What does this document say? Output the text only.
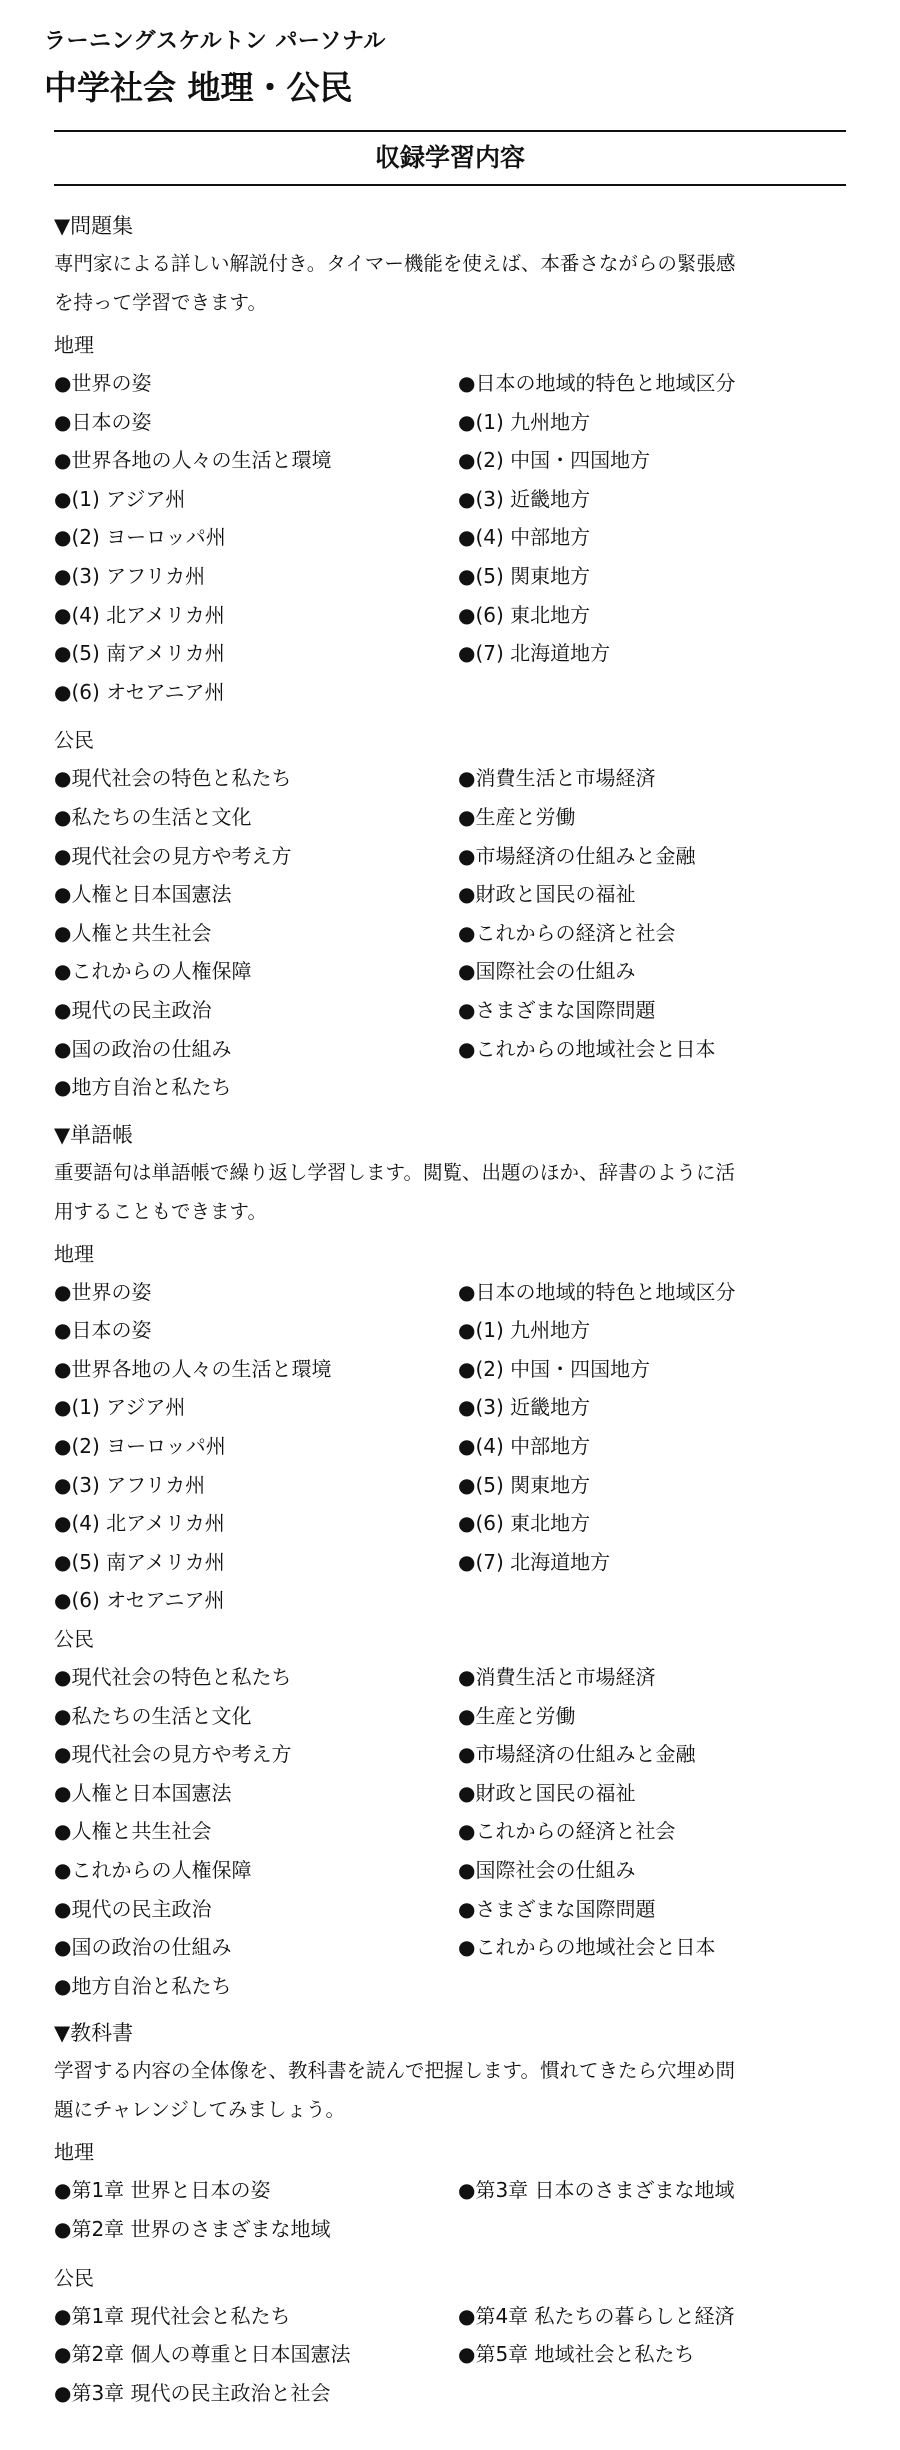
ラーニングスケルトン パーソナル
中学社会 地理・公民
収録学習内容
▼問題集
専門家による詳しい解説付き。タイマー機能を使えば、本番さながらの緊張感
を持って学習できます。
地理
●世界の姿
●日本の姿
●世界各地の人々の生活と環境
●(1) アジア州
●(2) ヨーロッパ州
●(3) アフリカ州
●(4) 北アメリカ州
●(5) 南アメリカ州
●(6) オセアニア州
●日本の地域的特色と地域区分
●(1) 九州地方
●(2) 中国・四国地方
●(3) 近畿地方
●(4) 中部地方
●(5) 関東地方
●(6) 東北地方
●(7) 北海道地方
公民
●現代社会の特色と私たち
●私たちの生活と文化
●現代社会の見方や考え方
●人権と日本国憲法
●人権と共生社会
●これからの人権保障
●現代の民主政治
●国の政治の仕組み
●地方自治と私たち
●消費生活と市場経済
●生産と労働
●市場経済の仕組みと金融
●財政と国民の福祉
●これからの経済と社会
●国際社会の仕組み
●さまざまな国際問題
●これからの地域社会と日本
▼単語帳
重要語句は単語帳で繰り返し学習します。閲覧、出題のほか、辞書のように活
用することもできます。
地理
●世界の姿
●日本の姿
●世界各地の人々の生活と環境
●(1) アジア州
●(2) ヨーロッパ州
●(3) アフリカ州
●(4) 北アメリカ州
●(5) 南アメリカ州
●(6) オセアニア州
●日本の地域的特色と地域区分
●(1) 九州地方
●(2) 中国・四国地方
●(3) 近畿地方
●(4) 中部地方
●(5) 関東地方
●(6) 東北地方
●(7) 北海道地方
公民
●現代社会の特色と私たち
●私たちの生活と文化
●現代社会の見方や考え方
●人権と日本国憲法
●人権と共生社会
●これからの人権保障
●現代の民主政治
●国の政治の仕組み
●地方自治と私たち
●消費生活と市場経済
●生産と労働
●市場経済の仕組みと金融
●財政と国民の福祉
●これからの経済と社会
●国際社会の仕組み
●さまざまな国際問題
●これからの地域社会と日本
▼教科書
学習する内容の全体像を、教科書を読んで把握します。慣れてきたら穴埋め問
題にチャレンジしてみましょう。
地理
●第1章 世界と日本の姿
●第2章 世界のさまざまな地域
●第3章 日本のさまざまな地域
公民
●第1章 現代社会と私たち
●第2章 個人の尊重と日本国憲法
●第3章 現代の民主政治と社会
●第4章 私たちの暮らしと経済
●第5章 地域社会と私たち
